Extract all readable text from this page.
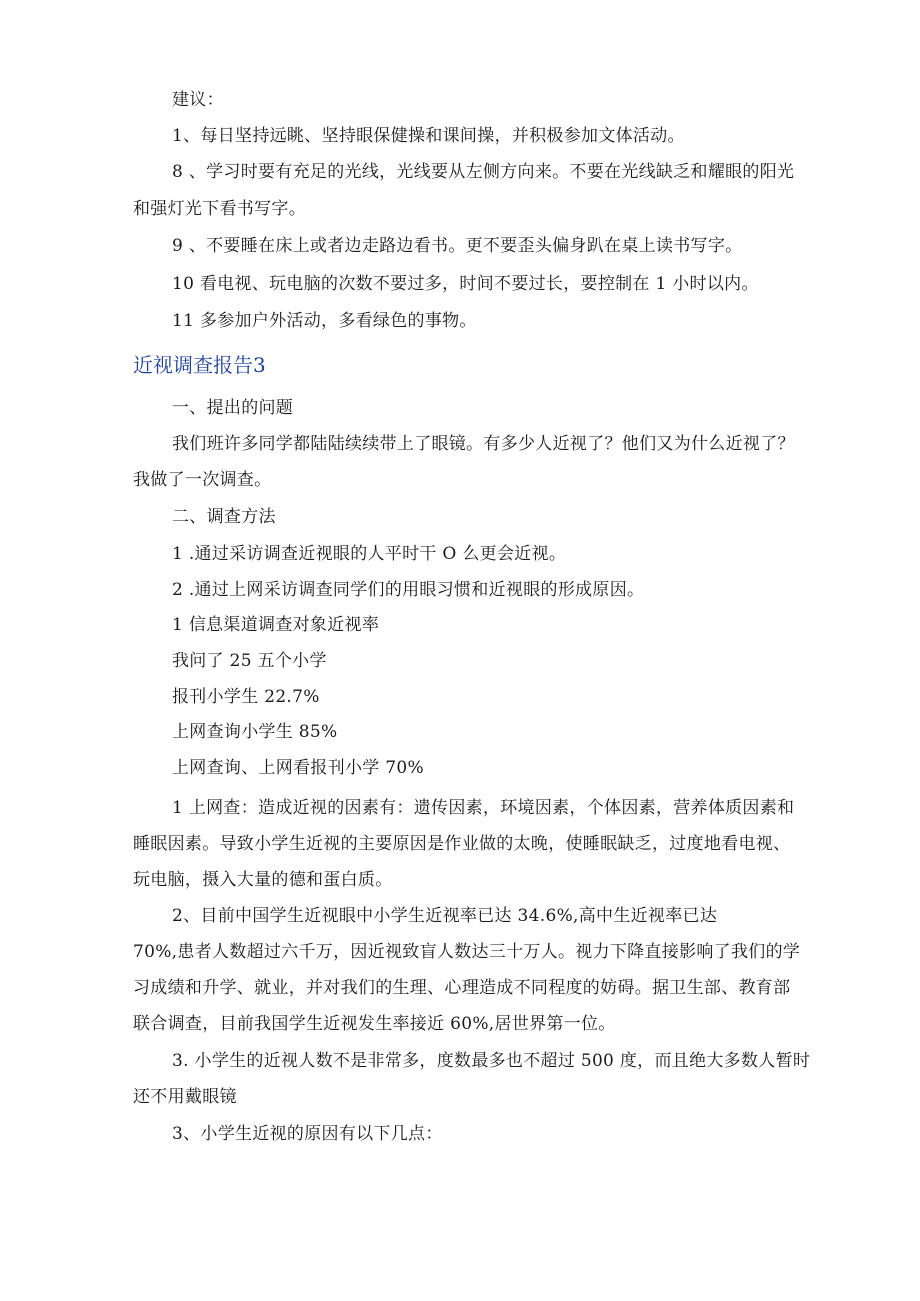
建议：
1、每日坚持远眺、坚持眼保健操和课间操，并积极参加文体活动。
8 、学习时要有充足的光线，光线要从左侧方向来。不要在光线缺乏和耀眼的阳光
和强灯光下看书写字。
9 、不要睡在床上或者边走路边看书。更不要歪头偏身趴在桌上读书写字。
10 看电视、玩电脑的次数不要过多，时间不要过长，要控制在 1 小时以内。
11 多参加户外活动，多看绿色的事物。
近视调查报告3
一、提出的问题
我们班许多同学都陆陆续续带上了眼镜。有多少人近视了？他们又为什么近视了？
我做了一次调查。
二、调查方法
1 .通过采访调查近视眼的人平时干 O 么更会近视。
2 .通过上网采访调查同学们的用眼习惯和近视眼的形成原因。
1 信息渠道调查对象近视率
我问了 25 五个小学
报刊小学生 22.7%
上网查询小学生 85%
上网查询、上网看报刊小学 70%
1 上网查：造成近视的因素有：遗传因素，环境因素，个体因素，营养体质因素和
睡眠因素。导致小学生近视的主要原因是作业做的太晚，使睡眠缺乏，过度地看电视、
玩电脑，摄入大量的德和蛋白质。
2、目前中国学生近视眼中小学生近视率已达 34.6%,高中生近视率已达
70%,患者人数超过六千万，因近视致盲人数达三十万人。视力下降直接影响了我们的学
习成绩和升学、就业，并对我们的生理、心理造成不同程度的妨碍。据卫生部、教育部
联合调查，目前我国学生近视发生率接近 60%,居世界第一位。
3. 小学生的近视人数不是非常多，度数最多也不超过 500 度，而且绝大多数人暂时
还不用戴眼镜
3、小学生近视的原因有以下几点：
